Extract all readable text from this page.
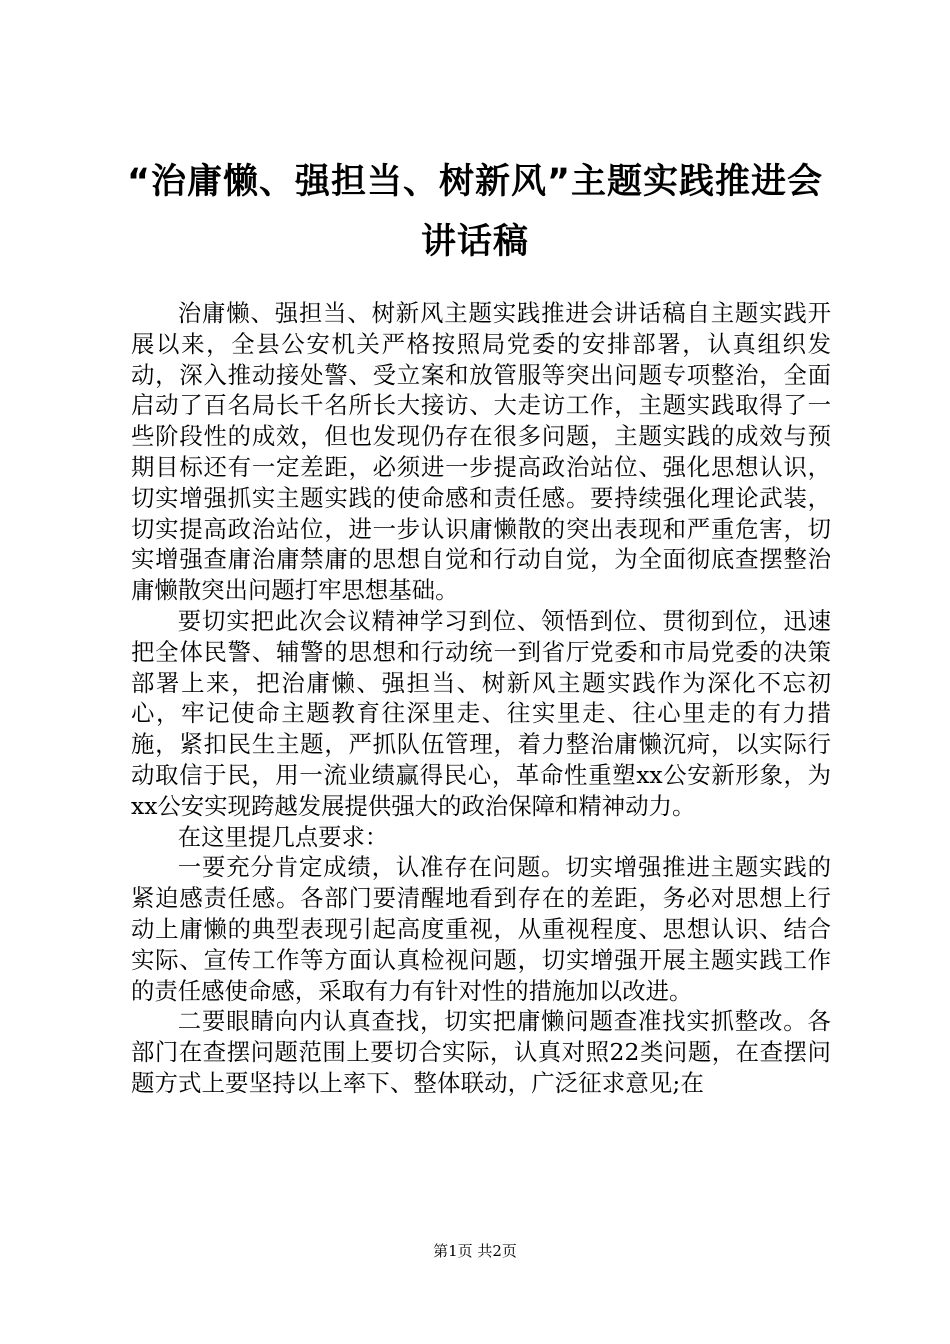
“治庸懒、强担当、树新风”主题实践推进会
讲话稿

治庸懒、强担当、树新风主题实践推进会讲话稿自主题实践开展以来，全县公安机关严格按照局党委的安排部署，认真组织发动，深入推动接处警、受立案和放管服等突出问题专项整治，全面启动了百名局长千名所长大接访、大走访工作，主题实践取得了一些阶段性的成效，但也发现仍存在很多问题，主题实践的成效与预期目标还有一定差距，必须进一步提高政治站位、强化思想认识，切实增强抓实主题实践的使命感和责任感。要持续强化理论武装，切实提高政治站位，进一步认识庸懒散的突出表现和严重危害，切实增强查庸治庸禁庸的思想自觉和行动自觉，为全面彻底查摆整治庸懒散突出问题打牢思想基础。

要切实把此次会议精神学习到位、领悟到位、贯彻到位，迅速把全体民警、辅警的思想和行动统一到省厅党委和市局党委的决策部署上来，把治庸懒、强担当、树新风主题实践作为深化不忘初心，牢记使命主题教育往深里走、往实里走、往心里走的有力措施，紧扣民生主题，严抓队伍管理，着力整治庸懒沉疴，以实际行动取信于民，用一流业绩赢得民心，革命性重塑xx公安新形象，为xx公安实现跨越发展提供强大的政治保障和精神动力。

在这里提几点要求：

一要充分肯定成绩，认准存在问题。切实增强推进主题实践的紧迫感责任感。各部门要清醒地看到存在的差距，务必对思想上行动上庸懒的典型表现引起高度重视，从重视程度、思想认识、结合实际、宣传工作等方面认真检视问题，切实增强开展主题实践工作的责任感使命感，采取有力有针对性的措施加以改进。

二要眼睛向内认真查找，切实把庸懒问题查准找实抓整改。各部门在查摆问题范围上要切合实际，认真对照22类问题，在查摆问题方式上要坚持以上率下、整体联动，广泛征求意见;在

第1页 共2页
